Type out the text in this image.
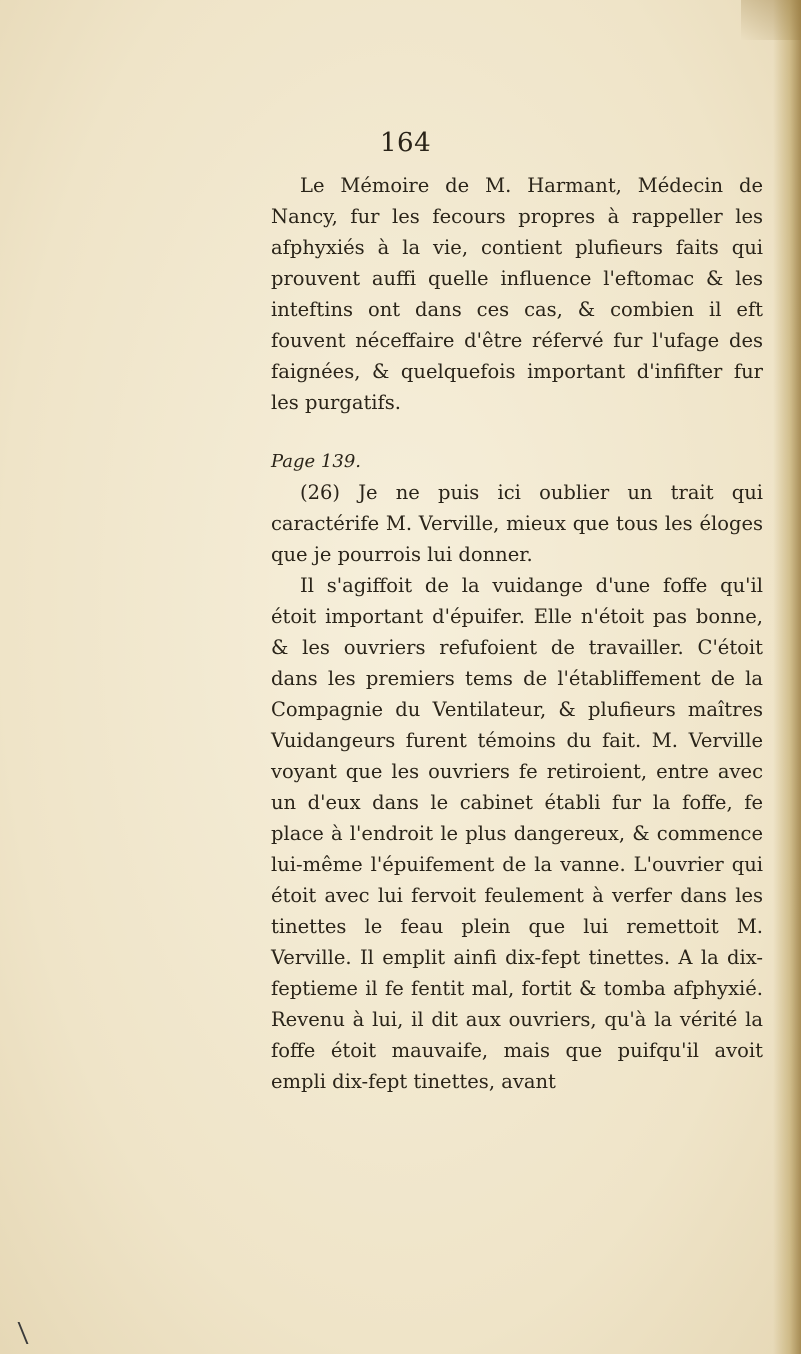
164

Le Mémoire de M. Harmant, Médecin de Nancy, fur les fecours propres à rappeller les afphyxiés à la vie, contient plufieurs faits qui prouvent auffi quelle influence l'eftomac & les inteftins ont dans ces cas, & combien il eft fouvent néceffaire d'être réfervé fur l'ufage des faignées, & quelquefois important d'infifter fur les purgatifs.

Page 139.

(26) Je ne puis ici oublier un trait qui caractérife M. Verville, mieux que tous les éloges que je pourrois lui donner.

Il s'agiffoit de la vuidange d'une foffe qu'il étoit important d'épuifer. Elle n'étoit pas bonne, & les ouvriers refufoient de travailler. C'étoit dans les premiers tems de l'établiffement de la Compagnie du Ventilateur, & plufieurs maîtres Vuidangeurs furent témoins du fait. M. Verville voyant que les ouvriers fe retiroient, entre avec un d'eux dans le cabinet établi fur la foffe, fe place à l'endroit le plus dangereux, & commence lui-même l'épuifement de la vanne. L'ouvrier qui étoit avec lui fervoit feulement à verfer dans les tinettes le feau plein que lui remettoit M. Verville. Il emplit ainfi dix-fept tinettes. A la dix-feptieme il fe fentit mal, fortit & tomba afphyxié. Revenu à lui, il dit aux ouvriers, qu'à la vérité la foffe étoit mauvaife, mais que puifqu'il avoit empli dix-fept tinettes, avant
